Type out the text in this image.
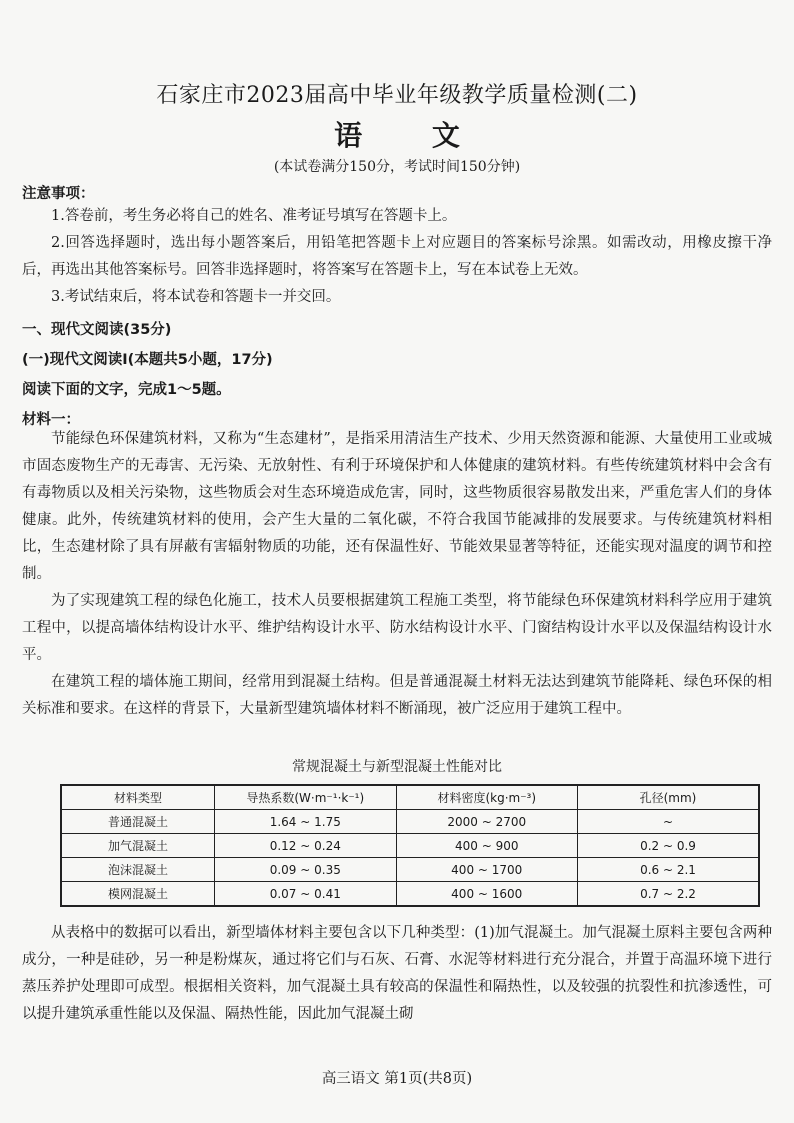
石家庄市2023届高中毕业年级教学质量检测(二)
语 文
(本试卷满分150分，考试时间150分钟)
注意事项：
1.答卷前，考生务必将自己的姓名、准考证号填写在答题卡上。
2.回答选择题时，选出每小题答案后，用铅笔把答题卡上对应题目的答案标号涂黑。如需改动，用橡皮擦干净后，再选出其他答案标号。回答非选择题时，将答案写在答题卡上，写在本试卷上无效。
3.考试结束后，将本试卷和答题卡一并交回。
一、现代文阅读(35分)
(一)现代文阅读Ⅰ(本题共5小题，17分)
阅读下面的文字，完成1～5题。
材料一：
节能绿色环保建筑材料，又称为“生态建材”，是指采用清洁生产技术、少用天然资源和能源、大量使用工业或城市固态废物生产的无毒害、无污染、无放射性、有利于环境保护和人体健康的建筑材料。有些传统建筑材料中会含有有毒物质以及相关污染物，这些物质会对生态环境造成危害，同时，这些物质很容易散发出来，严重危害人们的身体健康。此外，传统建筑材料的使用，会产生大量的二氧化碳，不符合我国节能减排的发展要求。与传统建筑材料相比，生态建材除了具有屏蔽有害辐射物质的功能，还有保温性好、节能效果显著等特征，还能实现对温度的调节和控制。
为了实现建筑工程的绿色化施工，技术人员要根据建筑工程施工类型，将节能绿色环保建筑材料科学应用于建筑工程中，以提高墙体结构设计水平、维护结构设计水平、防水结构设计水平、门窗结构设计水平以及保温结构设计水平。
在建筑工程的墙体施工期间，经常用到混凝土结构。但是普通混凝土材料无法达到建筑节能降耗、绿色环保的相关标准和要求。在这样的背景下，大量新型建筑墙体材料不断涌现，被广泛应用于建筑工程中。
常规混凝土与新型混凝土性能对比
材料类型	导热系数(W·m⁻¹·k⁻¹)	材料密度(kg·m⁻³)	孔径(mm)
普通混凝土	1.64 ~ 1.75	2000 ~ 2700	~
加气混凝土	0.12 ~ 0.24	400 ~ 900	0.2 ~ 0.9
泡沫混凝土	0.09 ~ 0.35	400 ~ 1700	0.6 ~ 2.1
模网混凝土	0.07 ~ 0.41	400 ~ 1600	0.7 ~ 2.2
从表格中的数据可以看出，新型墙体材料主要包含以下几种类型：(1)加气混凝土。加气混凝土原料主要包含两种成分，一种是硅砂，另一种是粉煤灰，通过将它们与石灰、石膏、水泥等材料进行充分混合，并置于高温环境下进行蒸压养护处理即可成型。根据相关资料，加气混凝土具有较高的保温性和隔热性，以及较强的抗裂性和抗渗透性，可以提升建筑承重性能以及保温、隔热性能，因此加气混凝土砌
高三语文 第1页(共8页)
